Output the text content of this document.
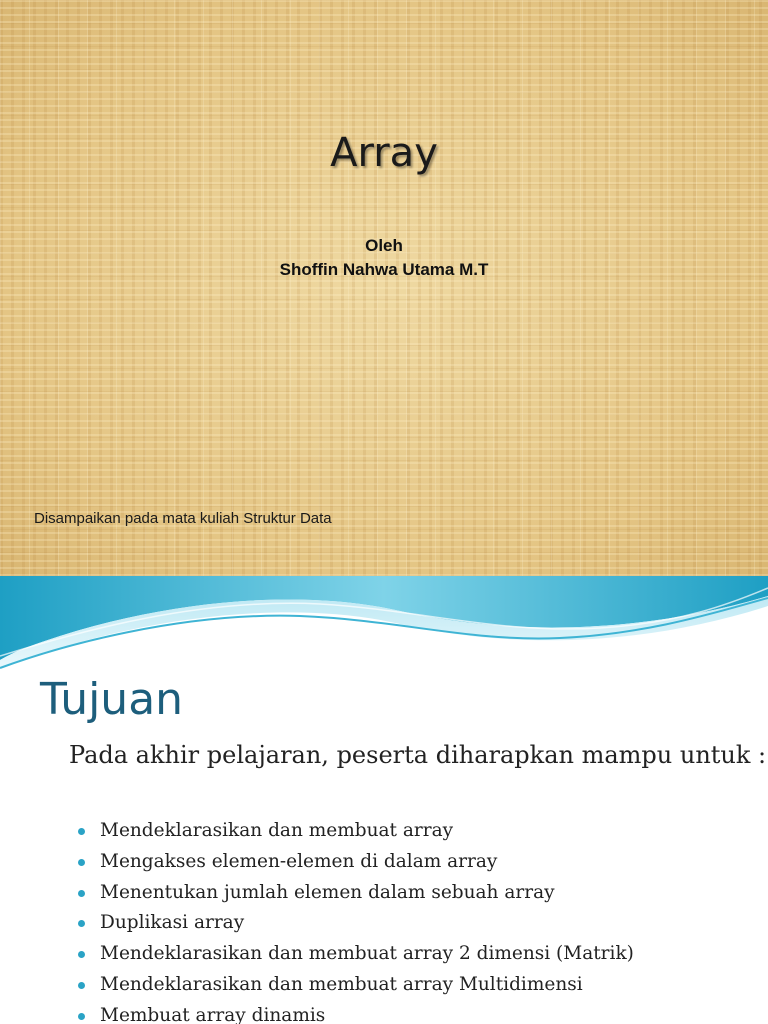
Array
Oleh
Shoffin Nahwa Utama M.T
Disampaikan pada mata kuliah Struktur Data
Tujuan
Pada akhir pelajaran, peserta diharapkan mampu untuk :
Mendeklarasikan dan membuat array
Mengakses elemen-elemen di dalam array
Menentukan jumlah elemen dalam sebuah array
Duplikasi array
Mendeklarasikan dan membuat array 2 dimensi (Matrik)
Mendeklarasikan dan membuat array Multidimensi
Membuat array dinamis
